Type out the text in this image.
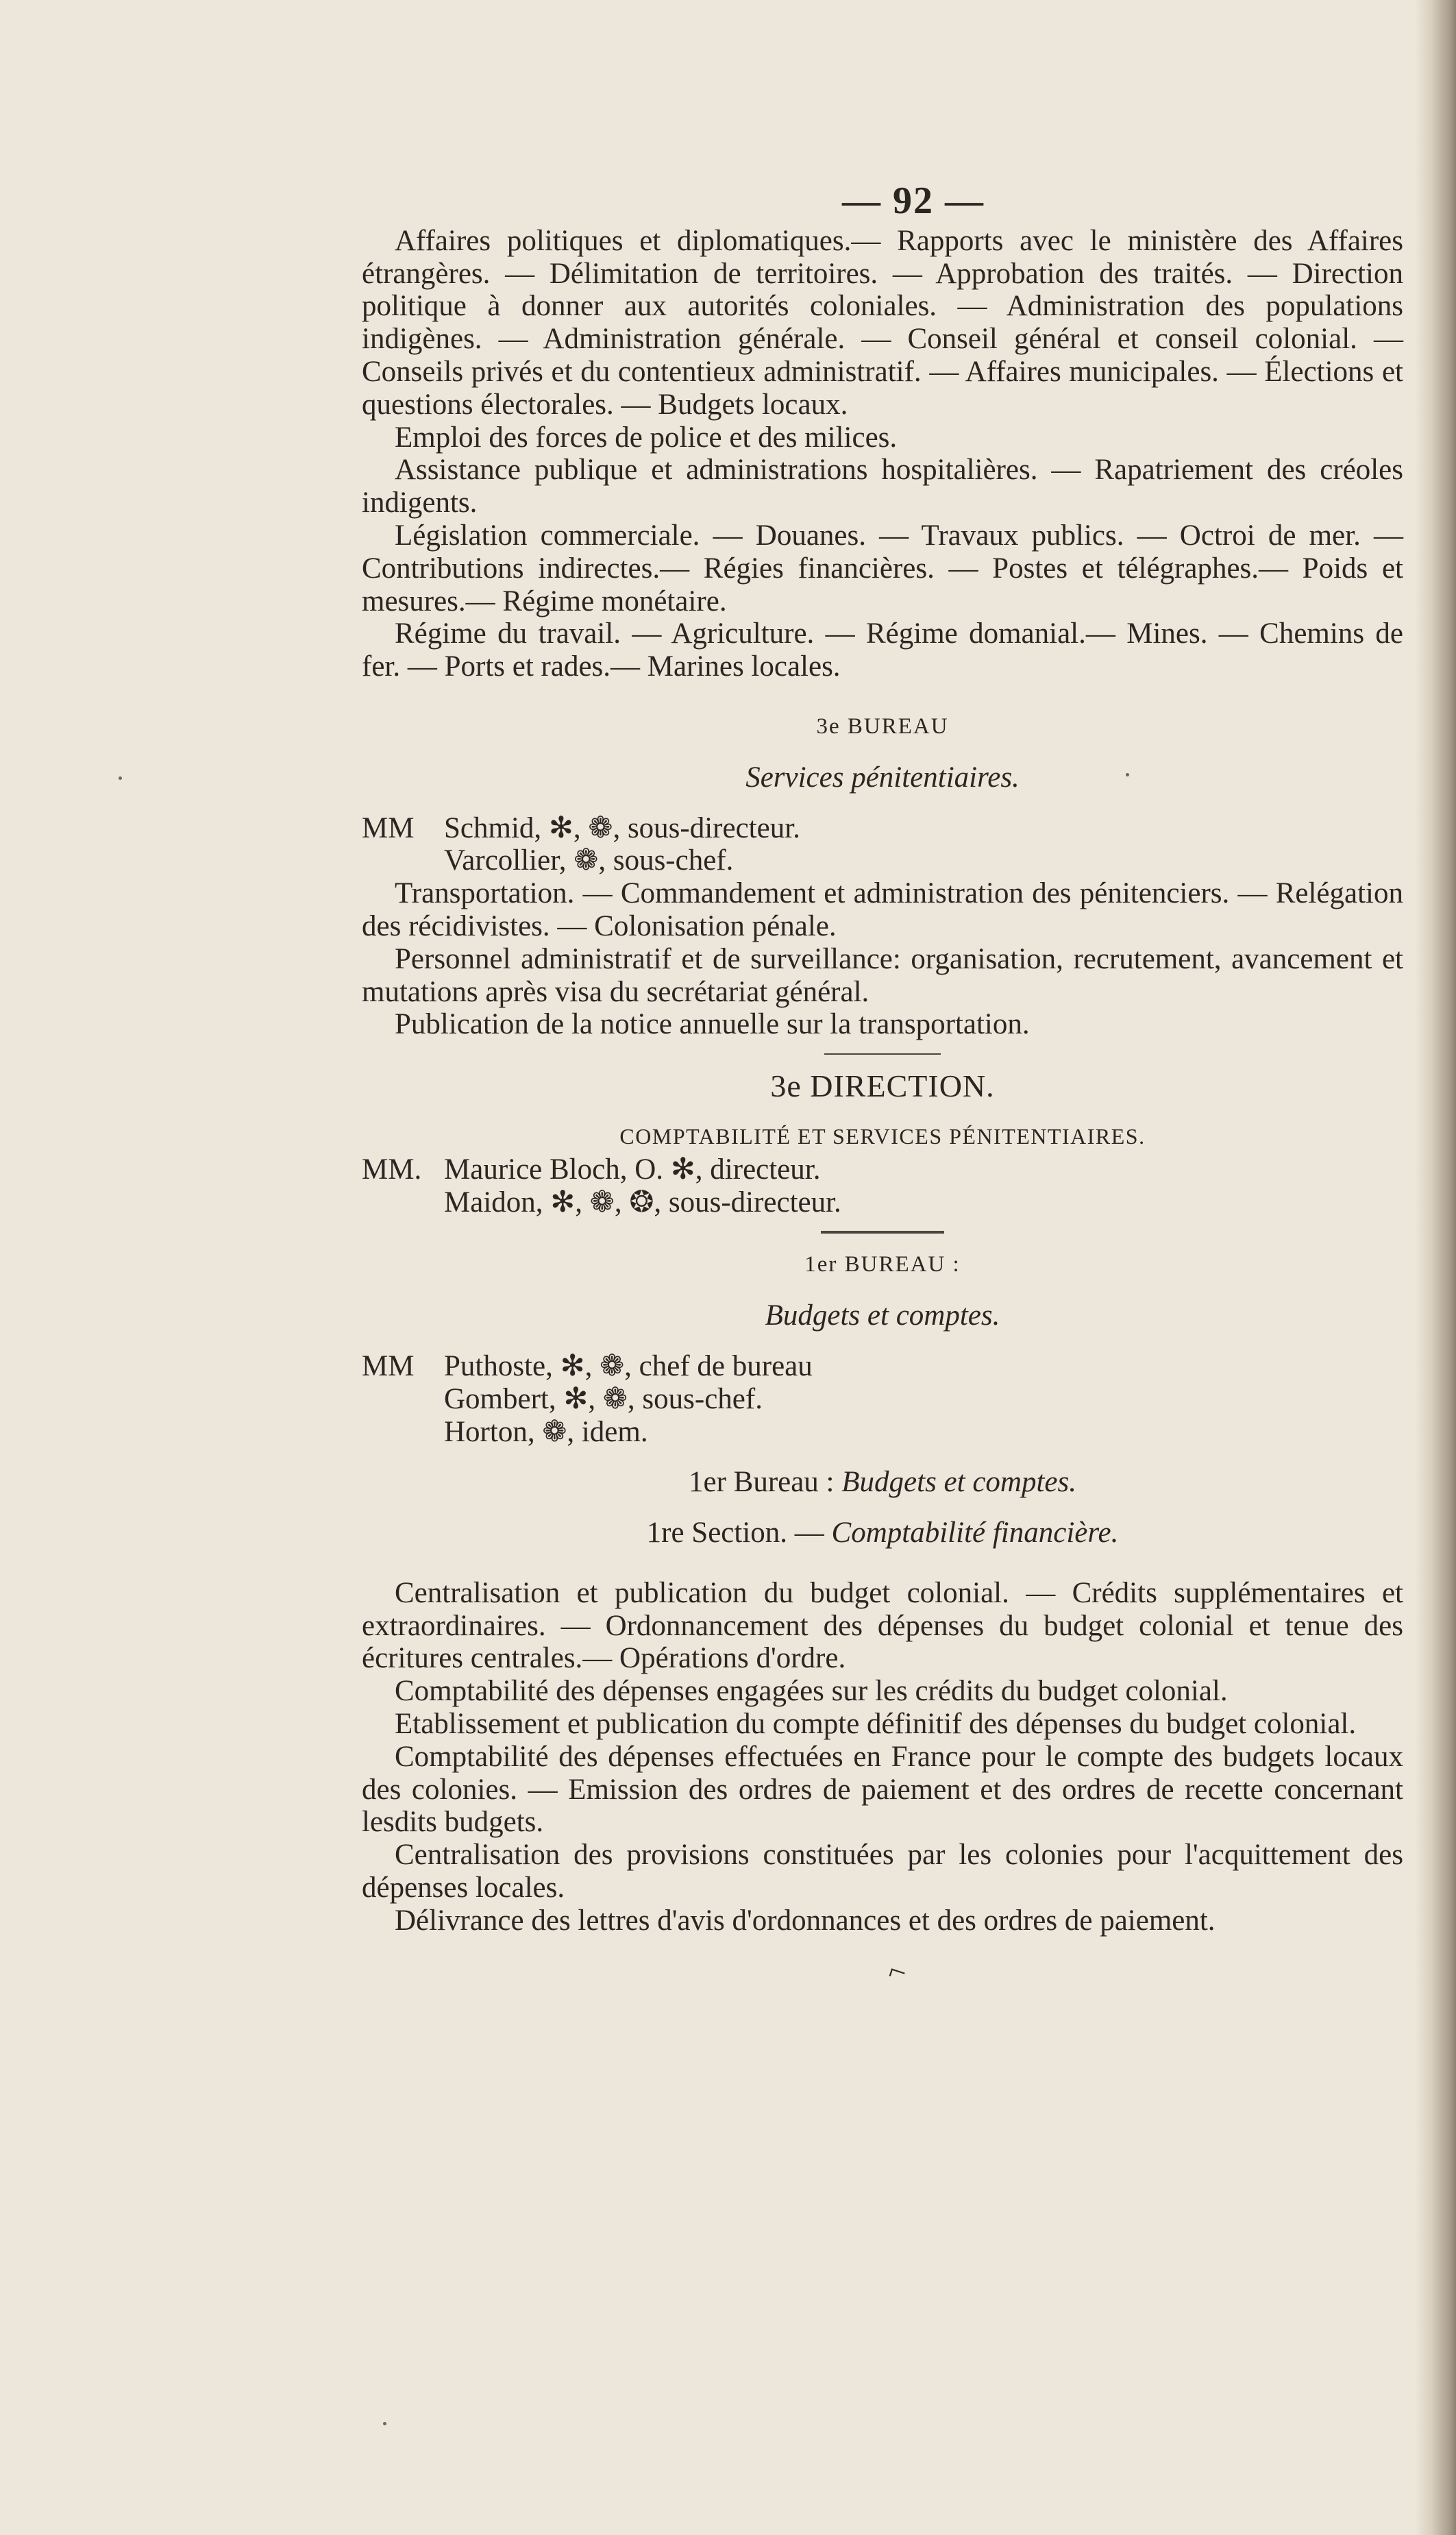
— 92 —

Affaires politiques et diplomatiques.— Rapports avec le ministère des Affaires étrangères. — Délimitation de territoires. — Approbation des traités. — Direction politique à donner aux autorités coloniales. — Administration des populations indigènes. — Administration générale. — Conseil général et conseil colonial. — Conseils privés et du contentieux administratif. — Affaires municipales. — Élections et questions électorales. — Budgets locaux.

Emploi des forces de police et des milices.

Assistance publique et administrations hospitalières. — Rapatriement des créoles indigents.

Législation commerciale. — Douanes. — Travaux publics. — Octroi de mer. — Contributions indirectes.— Régies financières. — Postes et télégraphes.— Poids et mesures.— Régime monétaire.

Régime du travail. — Agriculture. — Régime domanial.— Mines. — Chemins de fer. — Ports et rades.— Marines locales.

3e BUREAU

Services pénitentiaires.

MM Schmid, ✻, ❁, sous-directeur.

Varcollier, ❁, sous-chef.

Transportation. — Commandement et administration des pénitenciers. — Relégation des récidivistes. — Colonisation pénale.

Personnel administratif et de surveillance: organisation, recrutement, avancement et mutations après visa du secrétariat général.

Publication de la notice annuelle sur la transportation.

3e DIRECTION.

COMPTABILITÉ ET SERVICES PÉNITENTIAIRES.

MM. Maurice Bloch, O. ✻, directeur.

Maidon, ✻, ❁, ❂, sous-directeur.

1er BUREAU :

Budgets et comptes.

MM Puthoste, ✻, ❁, chef de bureau

Gombert, ✻, ❁, sous-chef.

Horton, ❁, idem.

1er Bureau : Budgets et comptes.

1re Section. — Comptabilité financière.

Centralisation et publication du budget colonial. — Crédits supplémentaires et extraordinaires. — Ordonnancement des dépenses du budget colonial et tenue des écritures centrales.— Opérations d'ordre.

Comptabilité des dépenses engagées sur les crédits du budget colonial.

Etablissement et publication du compte définitif des dépenses du budget colonial.

Comptabilité des dépenses effectuées en France pour le compte des budgets locaux des colonies. — Emission des ordres de paiement et des ordres de recette concernant lesdits budgets.

Centralisation des provisions constituées par les colonies pour l'acquittement des dépenses locales.

Délivrance des lettres d'avis d'ordonnances et des ordres de paiement.

⌐
